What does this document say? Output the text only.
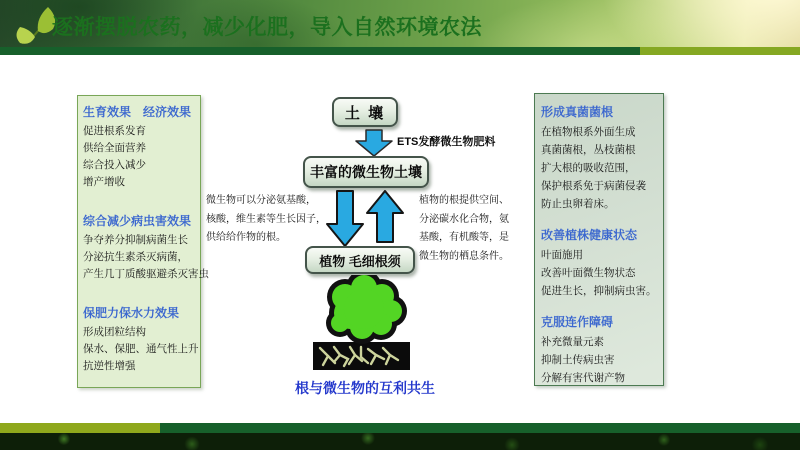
逐渐摆脱农药，减少化肥，导入自然环境农法
生育效果　经济效果
促进根系发育
供给全面营养
综合投入减少
增产增收
综合减少病虫害效果
争夺养分抑制病菌生长
分泌抗生素杀灭病菌，
产生几丁质酸驱避杀灭害虫
保肥力保水力效果
形成团粒结构
保水、保肥、通气性上升
抗逆性增强
形成真菌菌根
在植物根系外面生成
真菌菌根，丛枝菌根
扩大根的吸收范围，
保护根系免于病菌侵袭
防止虫卵着床。
改善植株健康状态
叶面施用
改善叶面微生物状态
促进生长，抑制病虫害。
克服连作障碍
补充微量元素
抑制土传病虫害
分解有害代谢产物
土 壤
ETS发酵微生物肥料
丰富的微生物土壤
微生物可以分泌氨基酸，
核酸，维生素等生长因子，
供给给作物的根。
植物的根提供空间、
分泌碳水化合物，氨
基酸，有机酸等，是
微生物的栖息条件。
植物 毛细根须
根与微生物的互利共生
